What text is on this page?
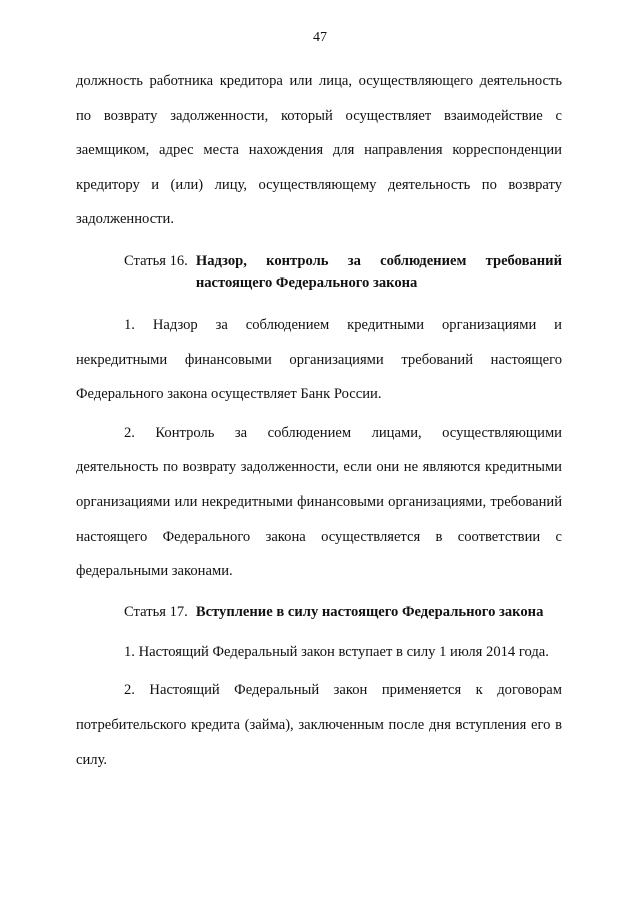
47

должность работника кредитора или лица, осуществляющего деятельность по возврату задолженности, который осуществляет взаимодействие с заемщиком, адрес места нахождения для направления корреспонденции кредитору и (или) лицу, осуществляющему деятельность по возврату задолженности.

Статья 16. Надзор, контроль за соблюдением требований настоящего Федерального закона

1. Надзор за соблюдением кредитными организациями и некредитными финансовыми организациями требований настоящего Федерального закона осуществляет Банк России.

2. Контроль за соблюдением лицами, осуществляющими деятельность по возврату задолженности, если они не являются кредитными организациями или некредитными финансовыми организациями, требований настоящего Федерального закона осуществляется в соответствии с федеральными законами.

Статья 17. Вступление в силу настоящего Федерального закона

1. Настоящий Федеральный закон вступает в силу 1 июля 2014 года.

2. Настоящий Федеральный закон применяется к договорам потребительского кредита (займа), заключенным после дня вступления его в силу.
